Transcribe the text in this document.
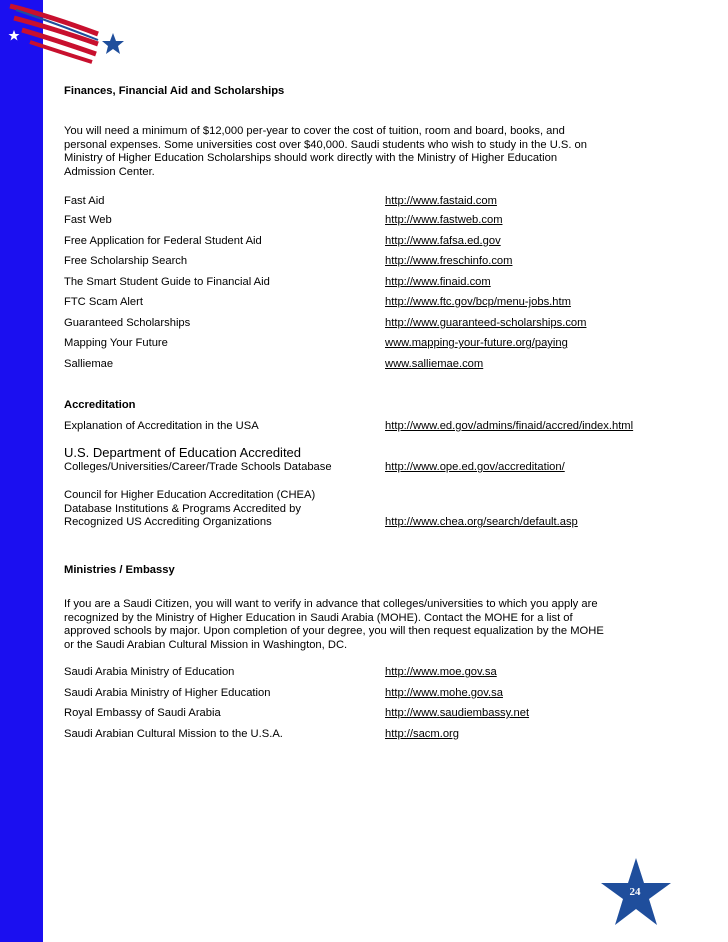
Finances, Financial Aid and Scholarships
You will need a minimum of $12,000 per-year to cover the cost of tuition, room and board, books, and
personal expenses. Some universities cost over $40,000. Saudi students who wish to study in the U.S. on
Ministry of Higher Education Scholarships should work directly with the Ministry of Higher Education
Admission Center.
Fast Aid	http://www.fastaid.com
Fast Web	http://www.fastweb.com
Free Application for Federal Student Aid	http://www.fafsa.ed.gov
Free Scholarship Search	http://www.freschinfo.com
The Smart Student Guide to Financial Aid	http://www.finaid.com
FTC Scam Alert	http://www.ftc.gov/bcp/menu-jobs.htm
Guaranteed Scholarships	http://www.guaranteed-scholarships.com
Mapping Your Future	www.mapping-your-future.org/paying
Salliemae	www.salliemae.com
Accreditation
Explanation of Accreditation in the USA	http://www.ed.gov/admins/finaid/accred/index.html
U.S. Department of Education Accredited
Colleges/Universities/Career/Trade Schools Database	http://www.ope.ed.gov/accreditation/
Council for Higher Education Accreditation (CHEA)
Database Institutions & Programs Accredited by
Recognized US Accrediting Organizations	http://www.chea.org/search/default.asp
Ministries / Embassy
If you are a Saudi Citizen, you will want to verify in advance that colleges/universities to which you apply are
recognized by the Ministry of Higher Education in Saudi Arabia (MOHE). Contact the MOHE for a list of
approved schools by major. Upon completion of your degree, you will then request equalization by the MOHE
or the Saudi Arabian Cultural Mission in Washington, DC.
Saudi Arabia Ministry of Education	http://www.moe.gov.sa
Saudi Arabia Ministry of Higher Education	http://www.mohe.gov.sa
Royal Embassy of Saudi Arabia	http://www.saudiembassy.net
Saudi Arabian Cultural Mission to the U.S.A.	http://sacm.org
24
